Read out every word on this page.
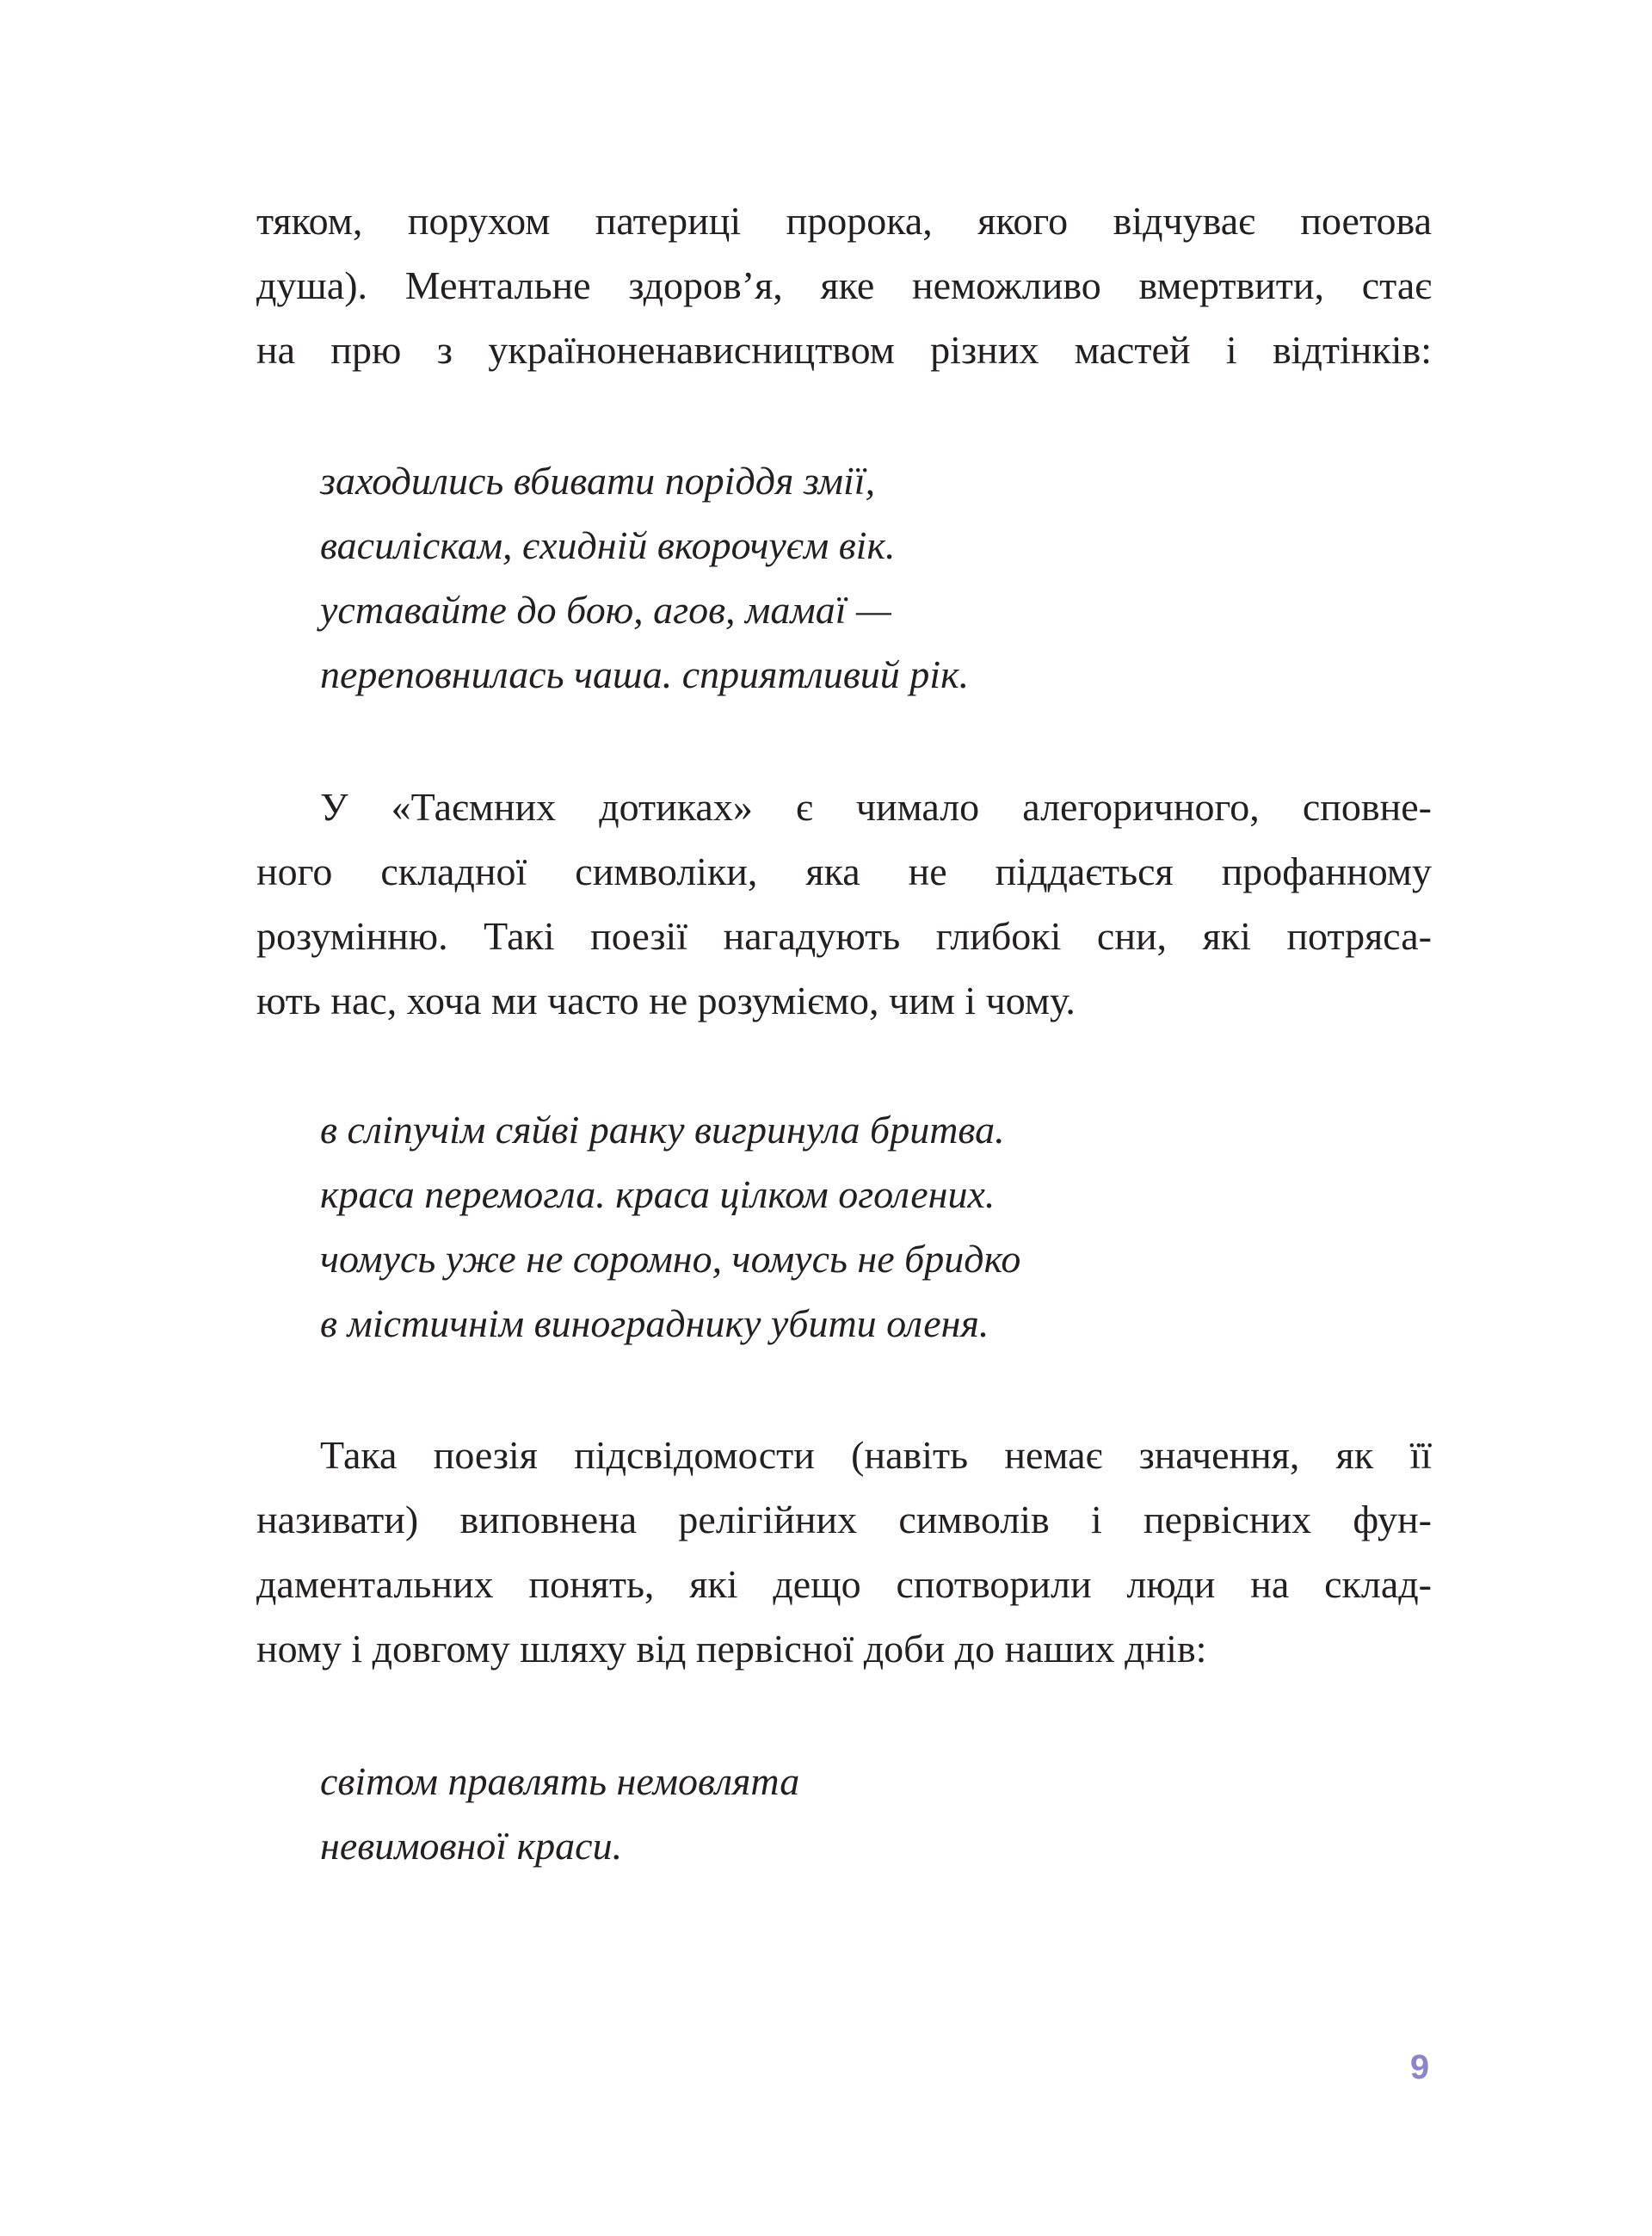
тяком, порухом патериці пророка, якого відчуває поетова
душа). Ментальне здоров’я, яке неможливо вмертвити, стає
на прю з україноненависництвом різних мастей і відтінків:
заходились вбивати поріддя змії,
василіскам, єхидній вкорочуєм вік.
уставайте до бою, агов, мамаї —
переповнилась чаша. сприятливий рік.
У «Таємних дотиках» є чимало алегоричного, сповне-
ного складної символіки, яка не піддається профанному
розумінню. Такі поезії нагадують глибокі сни, які потряса-
ють нас, хоча ми часто не розуміємо, чим і чому.
в сліпучім сяйві ранку вигринула бритва.
краса перемогла. краса цілком оголених.
чомусь уже не соромно, чомусь не бридко
в містичнім винограднику убити оленя.
Така поезія підсвідомости (навіть немає значення, як її
називати) виповнена релігійних символів і первісних фун-
даментальних понять, які дещо спотворили люди на склад-
ному і довгому шляху від первісної доби до наших днів:
світом правлять немовлята
невимовної краси.
9
